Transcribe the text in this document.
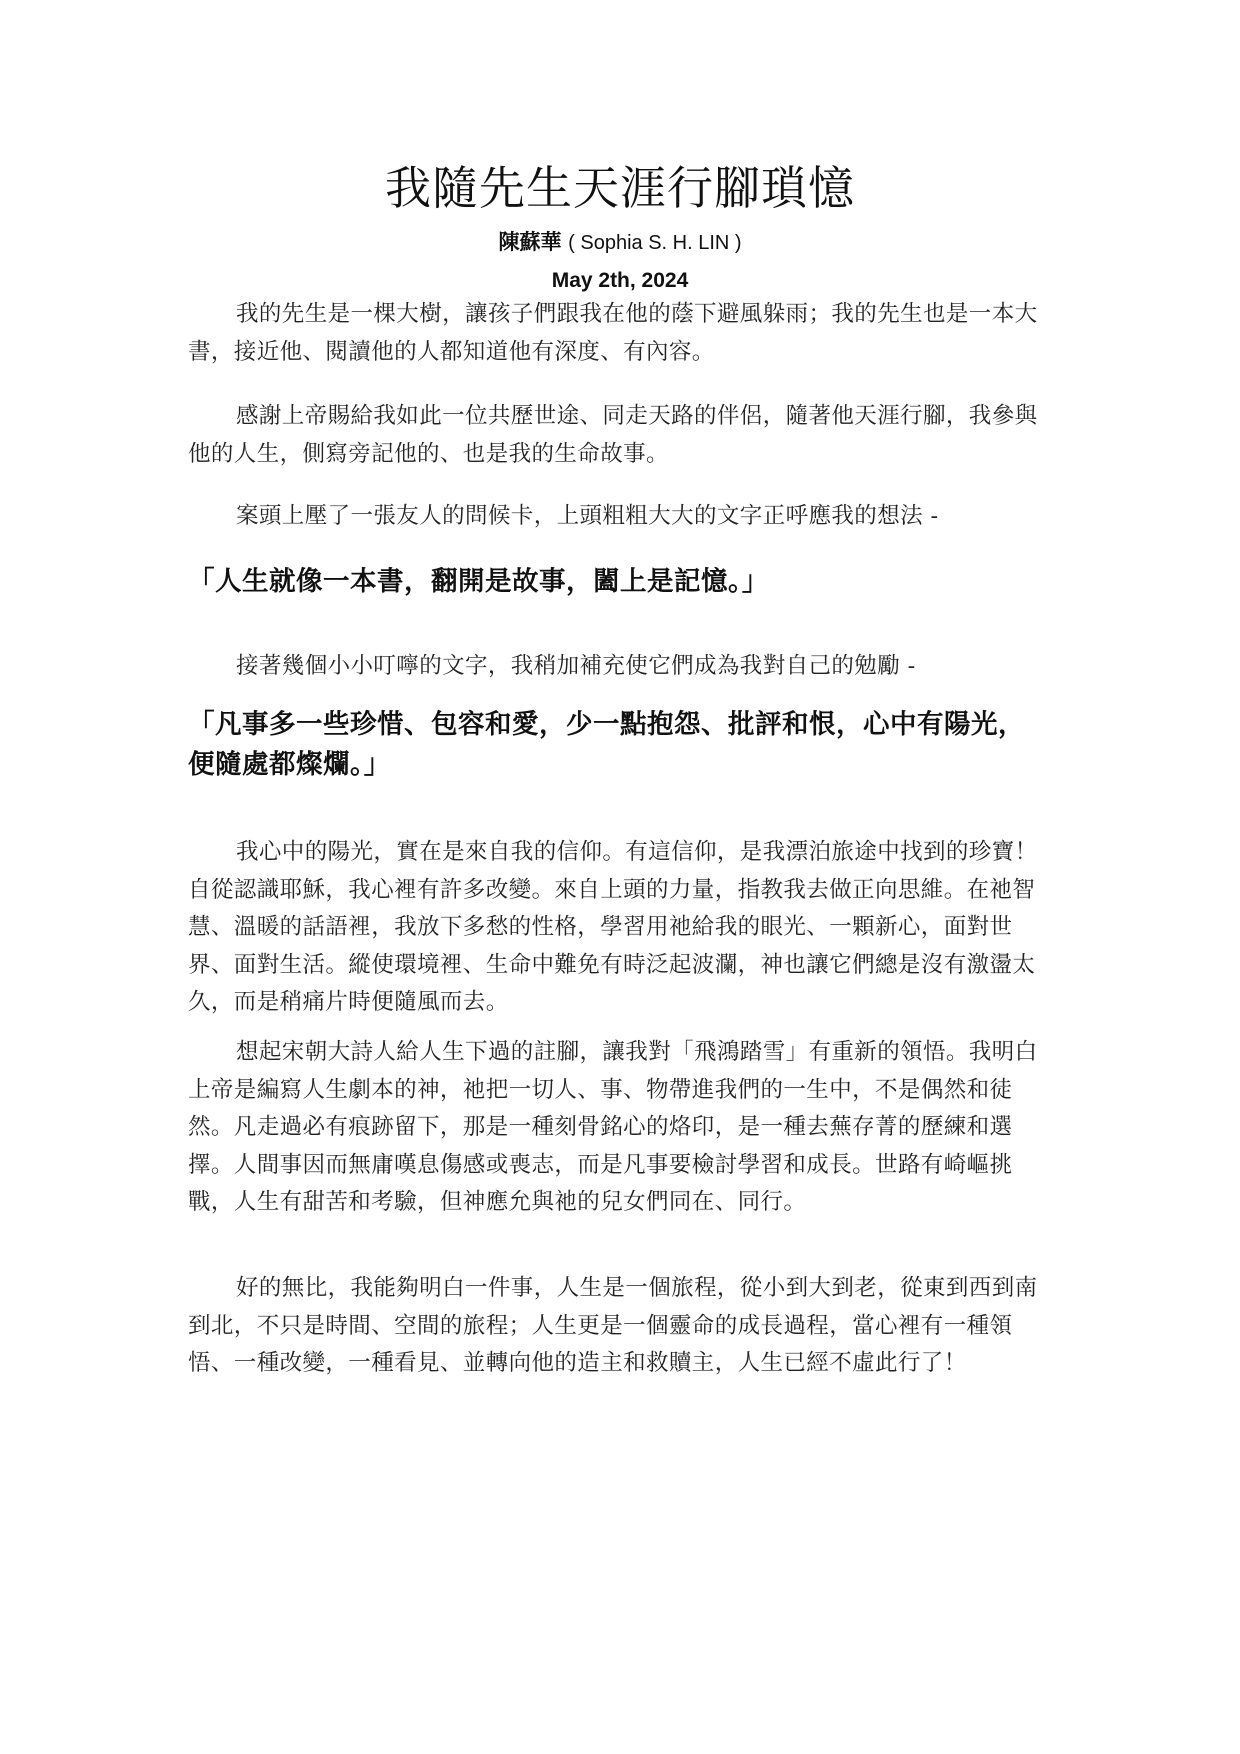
我隨先生天涯行腳瑣憶
陳蘇華 ( Sophia S. H. LIN )
May 2th, 2024

我的先生是一棵大樹，讓孩子們跟我在他的蔭下避風躲雨；我的先生也是一本大書，接近他、閱讀他的人都知道他有深度、有內容。

感謝上帝賜給我如此一位共歷世途、同走天路的伴侶，隨著他天涯行腳，我參與他的人生，側寫旁記他的、也是我的生命故事。

案頭上壓了一張友人的問候卡，上頭粗粗大大的文字正呼應我的想法 -

「人生就像一本書，翻開是故事，闔上是記憶。」

接著幾個小小叮嚀的文字，我稍加補充使它們成為我對自己的勉勵 -

「凡事多一些珍惜、包容和愛，少一點抱怨、批評和恨，心中有陽光，便隨處都燦爛。」

我心中的陽光，實在是來自我的信仰。有這信仰，是我漂泊旅途中找到的珍寶！自從認識耶穌，我心裡有許多改變。來自上頭的力量，指教我去做正向思維。在祂智慧、溫暖的話語裡，我放下多愁的性格，學習用祂給我的眼光、一顆新心，面對世界、面對生活。縱使環境裡、生命中難免有時泛起波瀾，神也讓它們總是沒有激盪太久，而是稍痛片時便隨風而去。

想起宋朝大詩人給人生下過的註腳，讓我對「飛鴻踏雪」有重新的領悟。我明白上帝是編寫人生劇本的神，祂把一切人、事、物帶進我們的一生中，不是偶然和徒然。凡走過必有痕跡留下，那是一種刻骨銘心的烙印，是一種去蕪存菁的歷練和選擇。人間事因而無庸嘆息傷感或喪志，而是凡事要檢討學習和成長。世路有崎嶇挑戰，人生有甜苦和考驗，但神應允與祂的兒女們同在、同行。

好的無比，我能夠明白一件事，人生是一個旅程，從小到大到老，從東到西到南到北，不只是時間、空間的旅程；人生更是一個靈命的成長過程，當心裡有一種領悟、一種改變，一種看見、並轉向他的造主和救贖主，人生已經不虛此行了！
